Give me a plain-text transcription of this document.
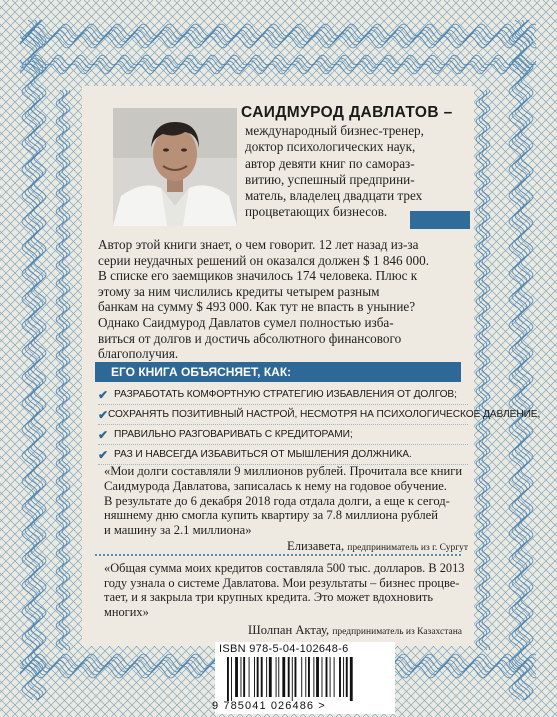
САИДМУРОД ДАВЛАТОВ –
международный бизнес-тренер,
доктор психологических наук,
автор девяти книг по саморaз-
витию, успешный предприни-
матель, владелец двадцати трех
процветающих бизнесов.
Автор этой книги знает, о чем говорит. 12 лет назад из-за
серии неудачных решений он оказался должен $ 1 846 000.
В списке его заемщиков значилось 174 человека. Плюс к
этому за ним числились кредиты четырем разным
банкам на сумму $ 493 000. Как тут не впасть в уныние?
Однако Саидмурод Давлатов сумел полностью изба-
виться от долгов и достичь абсолютного финансового
благополучия.
ЕГО КНИГА ОБЪЯСНЯЕТ, КАК:
✔ РАЗРАБОТАТЬ КОМФОРТНУЮ СТРАТЕГИЮ ИЗБАВЛЕНИЯ ОТ ДОЛГОВ;
✔ СОХРАНЯТЬ ПОЗИТИВНЫЙ НАСТРОЙ, НЕСМОТРЯ НА ПСИХОЛОГИЧЕСКОЕ ДАВЛЕНИЕ;
✔ ПРАВИЛЬНО РАЗГОВАРИВАТЬ С КРЕДИТОРАМИ;
✔ РАЗ И НАВСЕГДА ИЗБАВИТЬСЯ ОТ МЫШЛЕНИЯ ДОЛЖНИКА.
«Мои долги составляли 9 миллионов рублей. Прочитала все книги
Саидмурода Давлатова, записалась к нему на годовое обучение.
В результате до 6 декабря 2018 года отдала долги, а еще к сегод-
няшнему дню смогла купить квартиру за 7.8 миллиона рублей
и машину за 2.1 миллиона»
Елизавета, предприниматель из г. Сургут
«Общая сумма моих кредитов составляла 500 тыс. долларов. В 2013
году узнала о системе Давлатова. Мои результаты – бизнес процве-
тает, и я закрыла три крупных кредита. Это может вдохновить
многих»
Шолпан Актау, предприниматель из Казахстана
ISBN 978-5-04-102648-6
9 785041 026486 >
